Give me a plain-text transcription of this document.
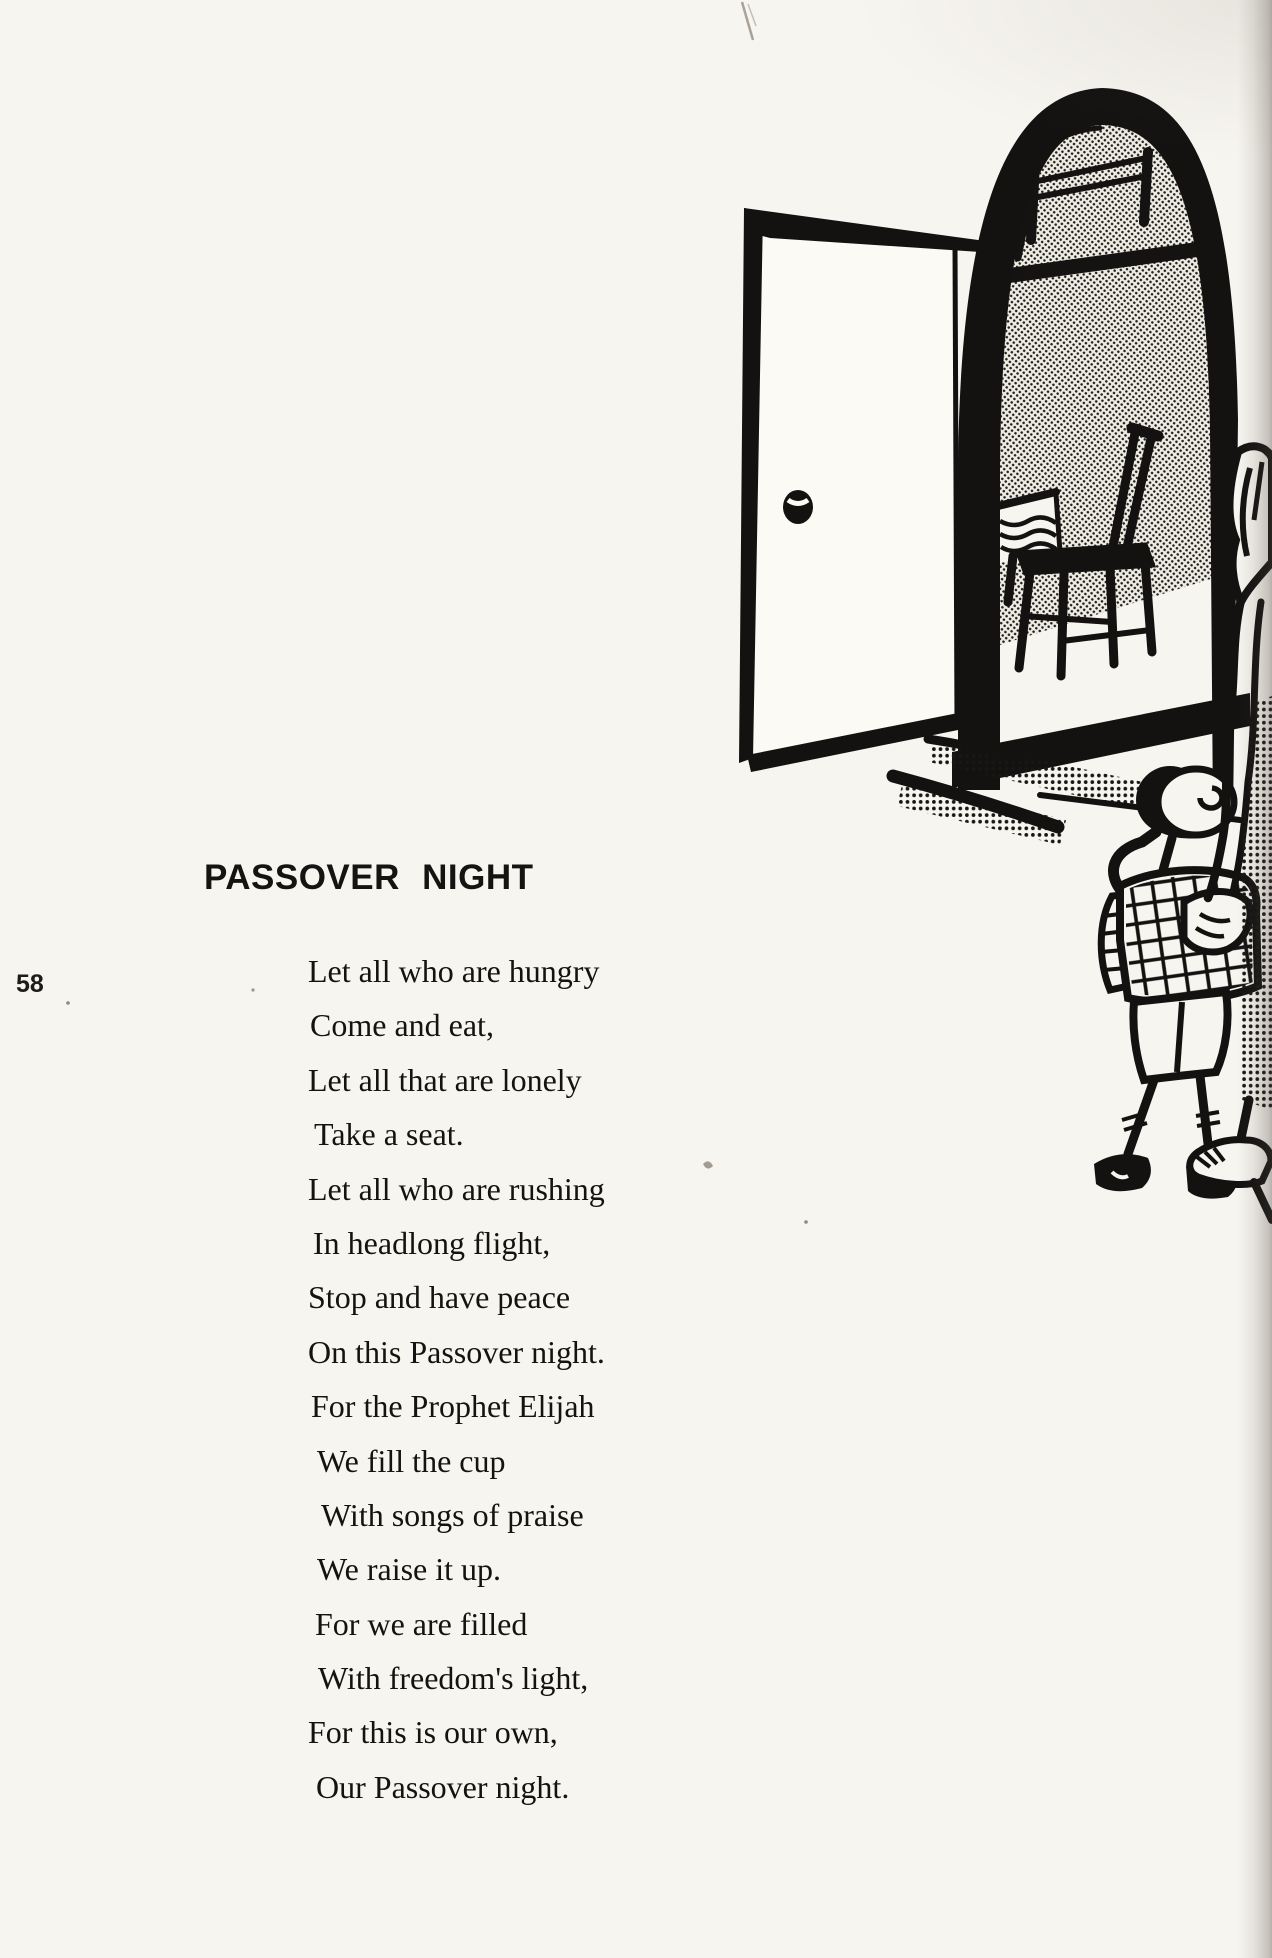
PASSOVER NIGHT
58	Let all who are hungry
Come and eat,
Let all that are lonely
Take a seat.
Let all who are rushing
In headlong flight,
Stop and have peace
On this Passover night.
For the Prophet Elijah
We fill the cup
With songs of praise
We raise it up.
For we are filled
With freedom's light,
For this is our own,
Our Passover night.
